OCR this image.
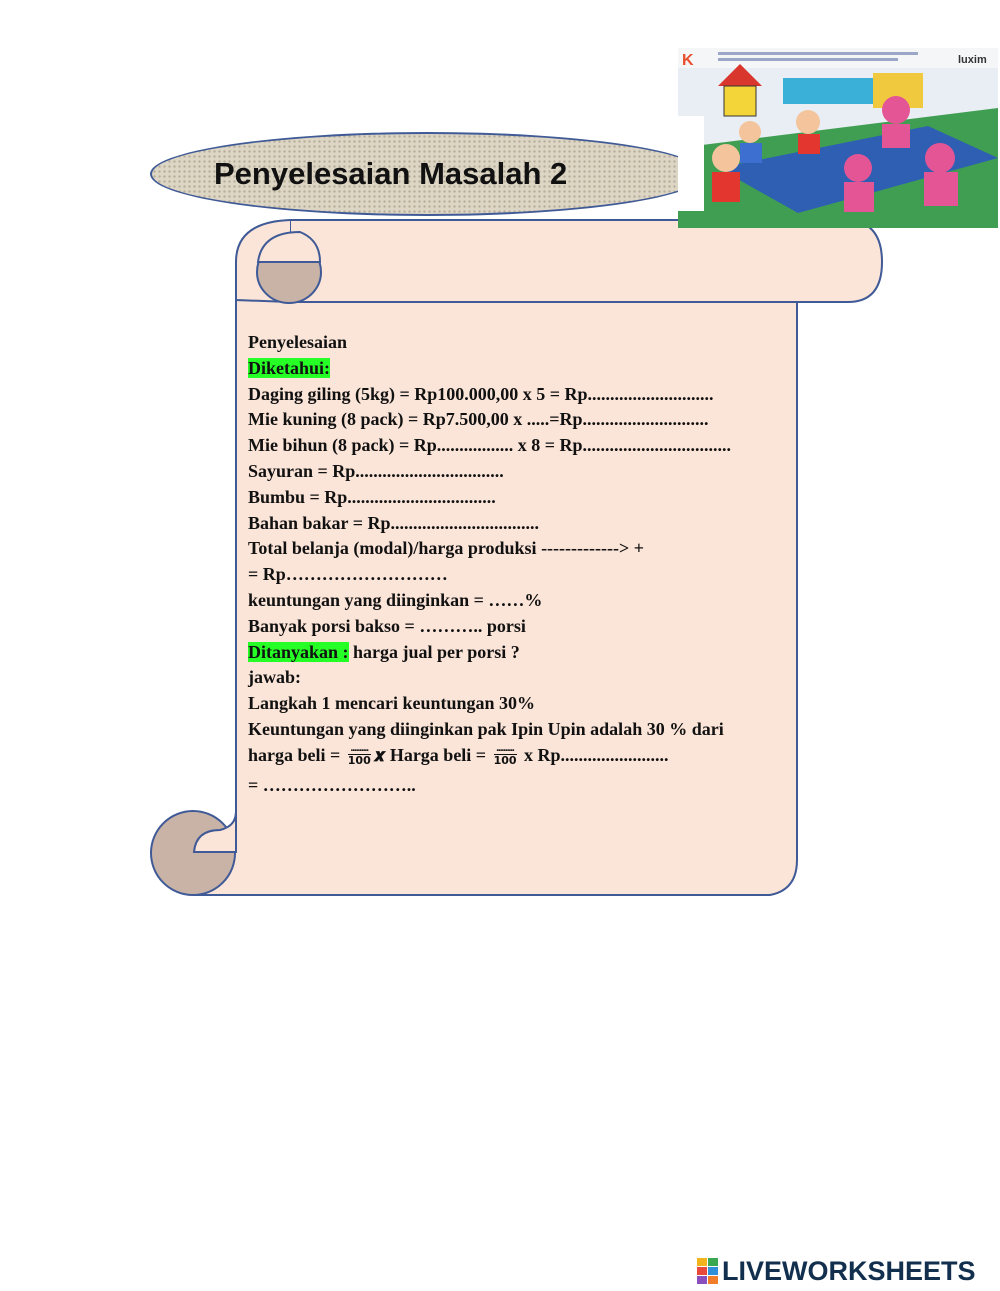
Penyelesaian Masalah 2
K	luxim
Penyelesaian
Diketahui:
Daging giling (5kg) = Rp100.000,00 x 5 = Rp............................
Mie kuning (8 pack) = Rp7.500,00 x .....=Rp............................
Mie bihun (8 pack) = Rp................. x 8 = Rp.................................
Sayuran = Rp.................................
Bumbu = Rp.................................
Bahan bakar = Rp.................................
Total belanja (modal)/harga produksi -------------> +
= Rp………………………
keuntungan yang diinginkan = ……%
Banyak porsi bakso = ……….. porsi
Ditanyakan : harga jual per porsi ?
jawab:
Langkah 1 mencari keuntungan 30%
Keuntungan yang diinginkan pak Ipin Upin adalah 30 % dari
harga beli = $\frac{..........}{100}$ 𝒙 Harga beli = $\frac{..........}{100}$ x Rp........................
= ……………………..
LIVEWORKSHEETS
